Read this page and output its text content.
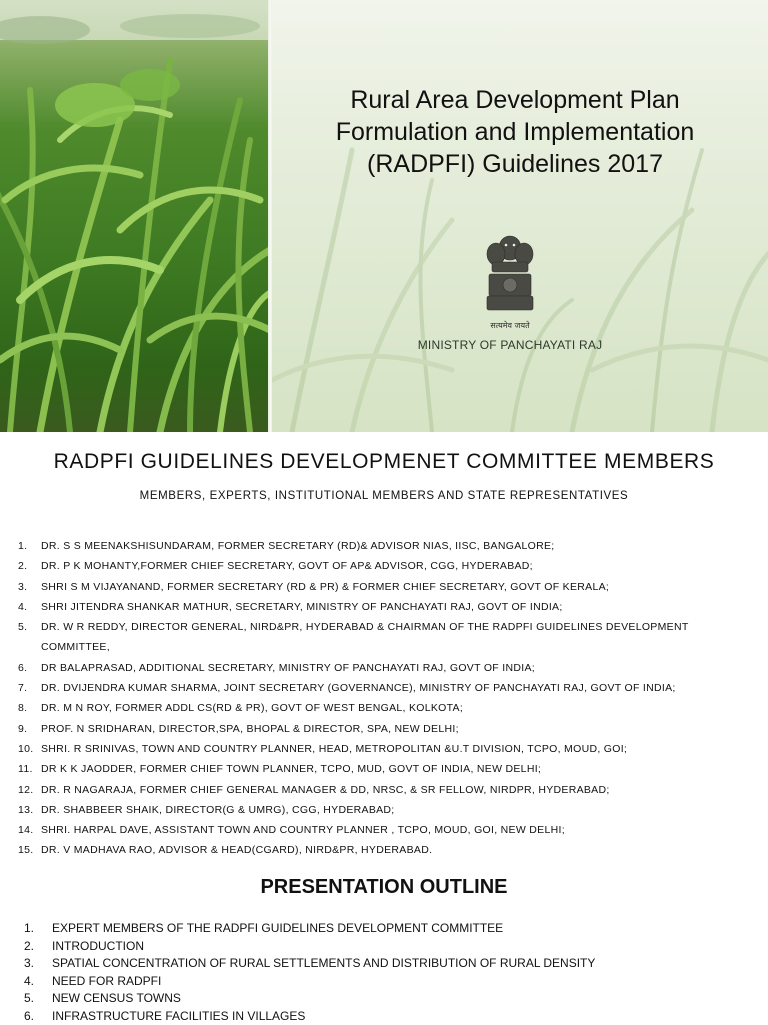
Rural Area Development Plan
Formulation and Implementation
(RADPFI) Guidelines 2017
सत्यमेव जयते
MINISTRY OF PANCHAYATI RAJ
RADPFI GUIDELINES DEVELOPMENET COMMITTEE MEMBERS
MEMBERS, EXPERTS, INSTITUTIONAL MEMBERS AND STATE REPRESENTATIVES
1.	DR. S S MEENAKSHISUNDARAM, FORMER SECRETARY (RD)& ADVISOR NIAS, IISC, BANGALORE;
2.	DR. P K MOHANTY,FORMER CHIEF SECRETARY, GOVT OF AP& ADVISOR, CGG, HYDERABAD;
3.	SHRI S M VIJAYANAND, FORMER SECRETARY (RD & PR) & FORMER CHIEF SECRETARY, GOVT OF KERALA;
4.	SHRI JITENDRA SHANKAR MATHUR, SECRETARY, MINISTRY OF PANCHAYATI RAJ, GOVT OF INDIA;
5.	DR. W R REDDY, DIRECTOR GENERAL, NIRD&PR, HYDERABAD & CHAIRMAN OF THE RADPFI GUIDELINES DEVELOPMENT COMMITTEE,
6.	DR BALAPRASAD, ADDITIONAL SECRETARY, MINISTRY OF PANCHAYATI RAJ, GOVT OF INDIA;
7.	DR. DVIJENDRA KUMAR SHARMA, JOINT SECRETARY (GOVERNANCE), MINISTRY OF PANCHAYATI RAJ, GOVT OF INDIA;
8.	DR. M N ROY, FORMER ADDL CS(RD & PR), GOVT OF WEST BENGAL, KOLKOTA;
9.	PROF. N SRIDHARAN, DIRECTOR,SPA, BHOPAL & DIRECTOR, SPA, NEW DELHI;
10. SHRI. R SRINIVAS, TOWN AND COUNTRY PLANNER, HEAD, METROPOLITAN &U.T DIVISION, TCPO, MOUD, GOI;
11. DR K K JAODDER, FORMER CHIEF TOWN PLANNER, TCPO, MUD, GOVT OF INDIA, NEW DELHI;
12. DR. R NAGARAJA, FORMER CHIEF GENERAL MANAGER & DD, NRSC, & SR FELLOW, NIRDPR, HYDERABAD;
13. DR. SHABBEER SHAIK, DIRECTOR(G & UMRG), CGG, HYDERABAD;
14. SHRI. HARPAL DAVE, ASSISTANT TOWN AND COUNTRY PLANNER , TCPO, MOUD, GOI, NEW DELHI;
15. DR. V MADHAVA RAO, ADVISOR & HEAD(CGARD), NIRD&PR, HYDERABAD.
PRESENTATION OUTLINE
1.	EXPERT MEMBERS OF THE RADPFI GUIDELINES DEVELOPMENT COMMITTEE
2.	INTRODUCTION
3.	SPATIAL CONCENTRATION OF RURAL SETTLEMENTS AND DISTRIBUTION OF RURAL DENSITY
4.	NEED FOR RADPFI
5.	NEW CENSUS TOWNS
6.	INFRASTRUCTURE FACILITIES IN VILLAGES
